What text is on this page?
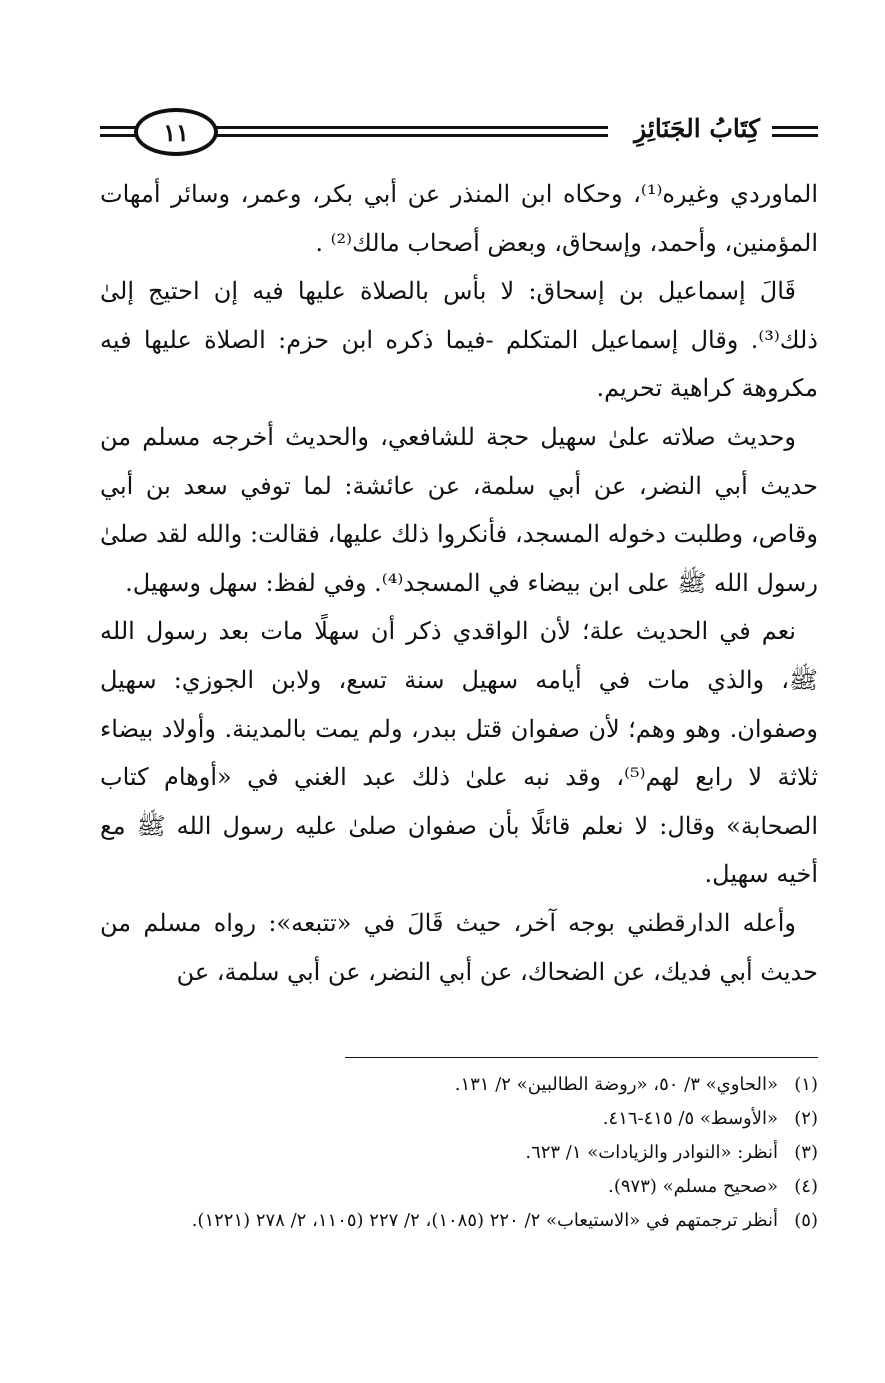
كِتَابُ الجَنَائِزِ
١١

الماوردي وغيره⁽¹⁾، وحكاه ابن المنذر عن أبي بكر، وعمر، وسائر أمهات المؤمنين، وأحمد، وإسحاق، وبعض أصحاب مالك⁽²⁾ .

قَالَ إسماعيل بن إسحاق: لا بأس بالصلاة عليها فيه إن احتيج إلىٰ ذلك⁽³⁾. وقال إسماعيل المتكلم -فيما ذكره ابن حزم: الصلاة عليها فيه مكروهة كراهية تحريم.

وحديث صلاته علىٰ سهيل حجة للشافعي، والحديث أخرجه مسلم من حديث أبي النضر، عن أبي سلمة، عن عائشة: لما توفي سعد بن أبي وقاص، وطلبت دخوله المسجد، فأنكروا ذلك عليها، فقالت: والله لقد صلىٰ رسول الله ﷺ على ابن بيضاء في المسجد⁽⁴⁾. وفي لفظ: سهل وسهيل.

نعم في الحديث علة؛ لأن الواقدي ذكر أن سهلًا مات بعد رسول الله ﷺ، والذي مات في أيامه سهيل سنة تسع، ولابن الجوزي: سهيل وصفوان. وهو وهم؛ لأن صفوان قتل ببدر، ولم يمت بالمدينة. وأولاد بيضاء ثلاثة لا رابع لهم⁽⁵⁾، وقد نبه علىٰ ذلك عبد الغني في «أوهام كتاب الصحابة» وقال: لا نعلم قائلًا بأن صفوان صلىٰ عليه رسول الله ﷺ مع أخيه سهيل.

وأعله الدارقطني بوجه آخر، حيث قَالَ في «تتبعه»: رواه مسلم من حديث أبي فديك، عن الضحاك، عن أبي النضر، عن أبي سلمة، عن

(١)
«الحاوي» ٣/ ٥٠، «روضة الطالبين» ٢/ ١٣١.
(٢)
«الأوسط» ٥/ ٤١٥-٤١٦.
(٣)
أنظر: «النوادر والزيادات» ١/ ٦٢٣.
(٤)
«صحيح مسلم» (٩٧٣).
(٥)
أنظر ترجمتهم في «الاستيعاب» ٢/ ٢٢٠ (١٠٨٥)، ٢/ ٢٢٧ (١١٠٥، ٢/ ٢٧٨ (١٢٢١).
